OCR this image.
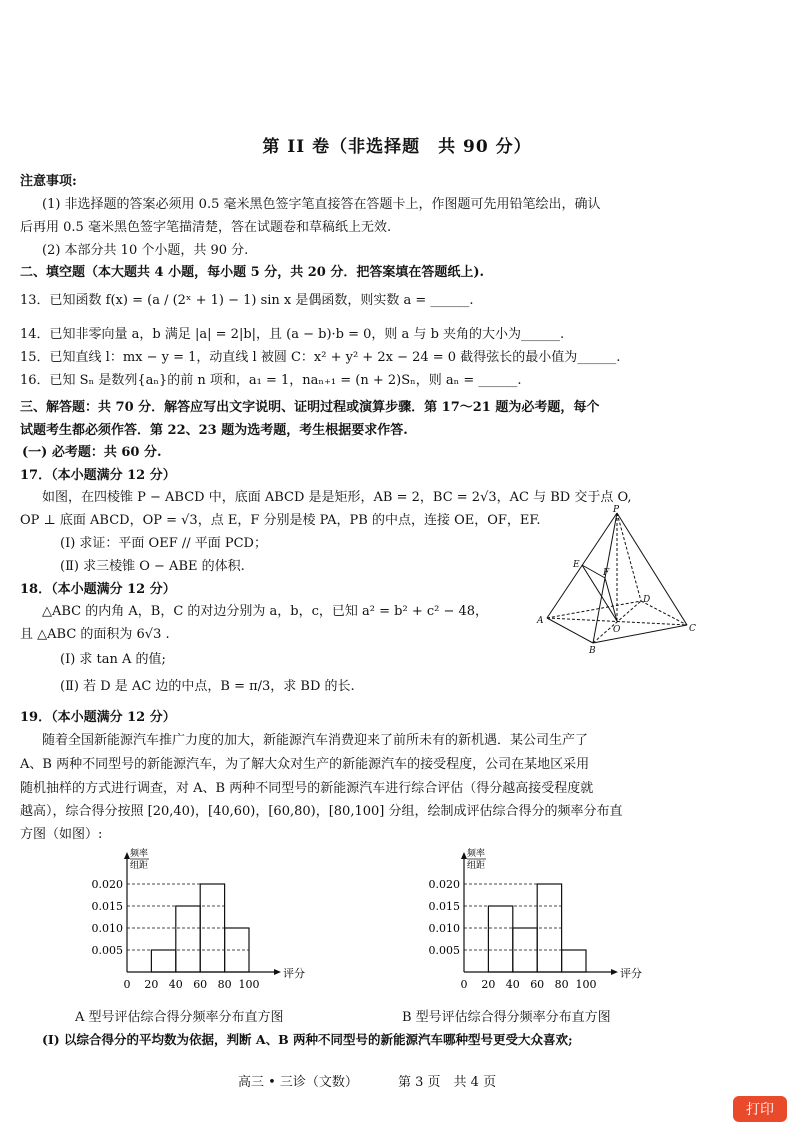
第 II 卷（非选择题　共 90 分）
注意事项:
(1) 非选择题的答案必须用 0.5 毫米黑色签字笔直接答在答题卡上，作图题可先用铅笔绘出，确认
后再用 0.5 毫米黑色签字笔描清楚，答在试题卷和草稿纸上无效.
(2) 本部分共 10 个小题，共 90 分.
二、填空题（本大题共 4 小题，每小题 5 分，共 20 分．把答案填在答题纸上).
13．已知函数 f(x) = (a / (2ˣ + 1) − 1) sin x 是偶函数，则实数 a = ______.
14．已知非零向量 a，b 满足 |a| = 2|b|，且 (a − b)·b = 0，则 a 与 b 夹角的大小为______.
15．已知直线 l：mx − y = 1，动直线 l 被圆 C：x² + y² + 2x − 24 = 0 截得弦长的最小值为______.
16．已知 Sₙ 是数列{aₙ}的前 n 项和，a₁ = 1，naₙ₊₁ = (n + 2)Sₙ，则 aₙ = ______.
三、解答题：共 70 分．解答应写出文字说明、证明过程或演算步骤．第 17～21 题为必考题，每个
试题考生都必须作答．第 22、23 题为选考题，考生根据要求作答.
(一) 必考题：共 60 分.
17．（本小题满分 12 分）
如图，在四棱锥 P − ABCD 中，底面 ABCD 是是矩形，AB = 2，BC = 2√3，AC 与 BD 交于点 O,
OP ⊥ 底面 ABCD，OP = √3，点 E，F 分别是棱 PA，PB 的中点，连接 OE，OF，EF.
(Ⅰ) 求证：平面 OEF // 平面 PCD；
(Ⅱ) 求三棱锥 O − ABE 的体积.
18．（本小题满分 12 分）
△ABC 的内角 A，B，C 的对边分别为 a，b，c，已知 a² = b² + c² − 48，
且 △ABC 的面积为 6√3 .
(Ⅰ) 求 tan A 的值;
(Ⅱ) 若 D 是 AC 边的中点，B = π/3，求 BD 的长.
P
E
F
D
A
O	C
B
19．（本小题满分 12 分）
随着全国新能源汽车推广力度的加大，新能源汽车消费迎来了前所未有的新机遇．某公司生产了
A、B 两种不同型号的新能源汽车，为了解大众对生产的新能源汽车的接受程度，公司在某地区采用
随机抽样的方式进行调查，对 A、B 两种不同型号的新能源汽车进行综合评估（得分越高接受程度就
越高），综合得分按照 [20,40)，[40,60)，[60,80)，[80,100] 分组，绘制成评估综合得分的频率分布直
方图（如图）:
频率
组距
评分
0.005
0.010
0.015
0.020
0 20 40 60 80 100
A 型号评估综合得分频率分布直方图
频率
组距
评分
0.005
0.010
0.015
0.020
0 20 40 60 80 100
B 型号评估综合得分频率分布直方图
(Ⅰ) 以综合得分的平均数为依据，判断 A、B 两种不同型号的新能源汽车哪种型号更受大众喜欢;
高三 • 三诊（文数）	第 3 页　共 4 页
打印
